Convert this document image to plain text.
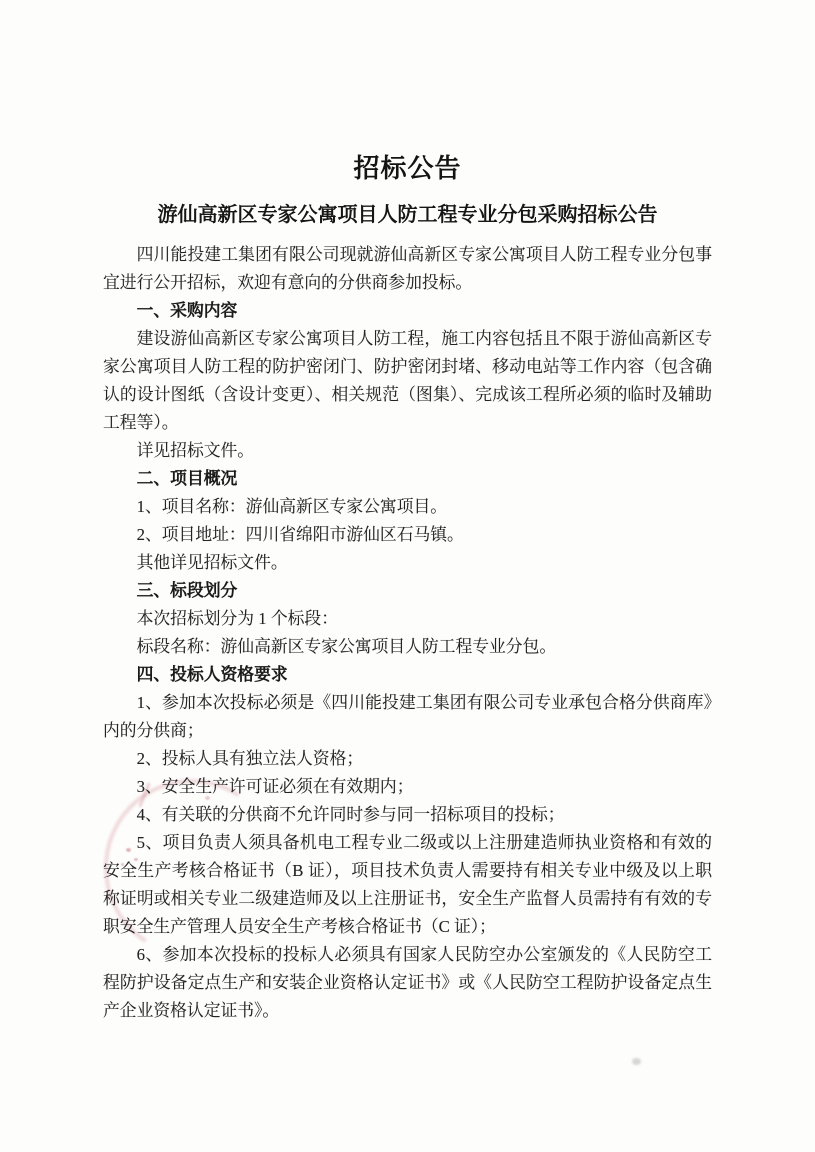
招标公告
游仙高新区专家公寓项目人防工程专业分包采购招标公告

四川能投建工集团有限公司现就游仙高新区专家公寓项目人防工程专业分包事宜进行公开招标，欢迎有意向的分供商参加投标。

一、采购内容

建设游仙高新区专家公寓项目人防工程，施工内容包括且不限于游仙高新区专家公寓项目人防工程的防护密闭门、防护密闭封堵、移动电站等工作内容（包含确认的设计图纸（含设计变更）、相关规范（图集）、完成该工程所必须的临时及辅助工程等）。

详见招标文件。

二、项目概况

1、项目名称：游仙高新区专家公寓项目。

2、项目地址：四川省绵阳市游仙区石马镇。

其他详见招标文件。

三、标段划分

本次招标划分为 1 个标段：

标段名称：游仙高新区专家公寓项目人防工程专业分包。

四、投标人资格要求

1、参加本次投标必须是《四川能投建工集团有限公司专业承包合格分供商库》内的分供商；

2、投标人具有独立法人资格；

3、安全生产许可证必须在有效期内；

4、有关联的分供商不允许同时参与同一招标项目的投标；

5、项目负责人须具备机电工程专业二级或以上注册建造师执业资格和有效的安全生产考核合格证书（B 证），项目技术负责人需要持有相关专业中级及以上职称证明或相关专业二级建造师及以上注册证书，安全生产监督人员需持有有效的专职安全生产管理人员安全生产考核合格证书（C 证）；

6、参加本次投标的投标人必须具有国家人民防空办公室颁发的《人民防空工程防护设备定点生产和安装企业资格认定证书》或《人民防空工程防护设备定点生产企业资格认定证书》。
